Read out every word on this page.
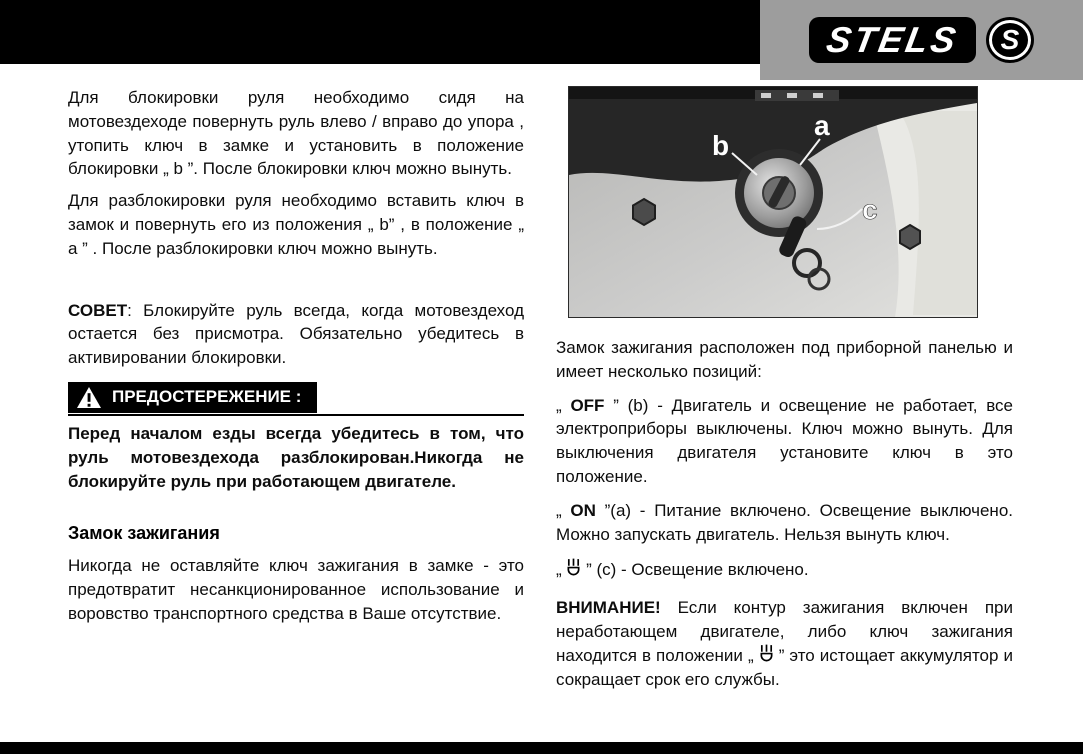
STELS S

Для блокировки руля необходимо сидя на мотовездеходе повернуть руль влево / вправо до упора , утопить ключ в замке и установить в положение блокировки „ b ”. После блокировки ключ можно вынуть.

Для разблокировки руля необходимо вставить ключ в замок и повернуть его из положения „ b” , в положение „ a ” . После разблокировки ключ можно вынуть.

СОВЕТ: Блокируйте руль всегда, когда мотовездеход остается без присмотра. Обязательно убедитесь в активировании блокировки.

ПРЕДОСТЕРЕЖЕНИЕ :

Перед началом езды всегда убедитесь в том, что руль мотовездехода разблокирован.Никогда не блокируйте руль при работающем двигателе.

Замок зажигания

Никогда не оставляйте ключ зажигания в замке - это предотвратит несанкционированное использование и воровство транспортного средства в Ваше отсутствие.

a
b
c

Замок зажигания расположен под приборной панелью и имеет несколько позиций:

„ OFF ” (b) - Двигатель и освещение не работает, все электроприборы выключены. Ключ можно вынуть. Для выключения двигателя установите ключ в это положение.

„ ON ”(a) - Питание включено. Освещение выключено. Можно запускать двигатель. Нельзя вынуть ключ.

„  ” (c) - Освещение включено.

ВНИМАНИЕ! Если контур зажигания включен при неработающем двигателе, либо ключ зажигания находится в положении „  ” это истощает аккумулятор и сокращает срок его службы.
